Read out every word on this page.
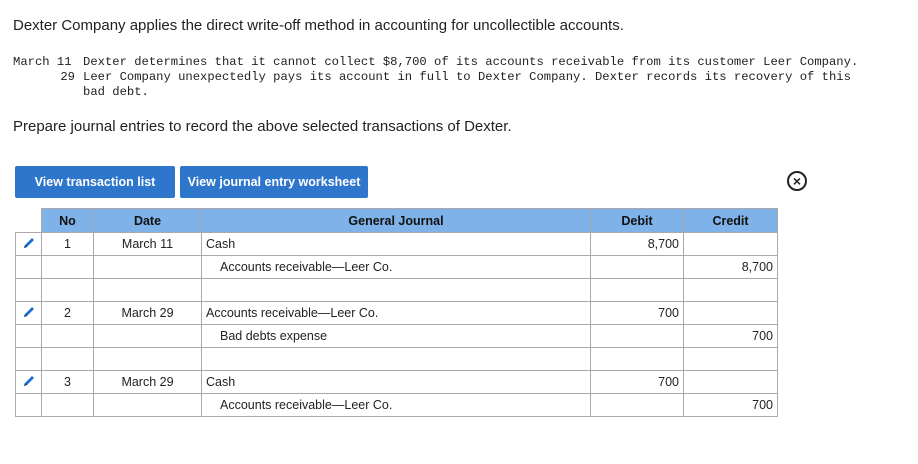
Dexter Company applies the direct write-off method in accounting for uncollectible accounts.
March 11 Dexter determines that it cannot collect $8,700 of its accounts receivable from its customer Leer Company.
29 Leer Company unexpectedly pays its account in full to Dexter Company. Dexter records its recovery of this
bad debt.
Prepare journal entries to record the above selected transactions of Dexter.
View transaction list	View journal entry worksheet	×
	No	Date	General Journal	Debit	Credit
	1	March 11	Cash	8,700	
			Accounts receivable—Leer Co.		8,700

	2	March 29	Accounts receivable—Leer Co.	700	
			Bad debts expense		700

	3	March 29	Cash	700	
			Accounts receivable—Leer Co.		700
